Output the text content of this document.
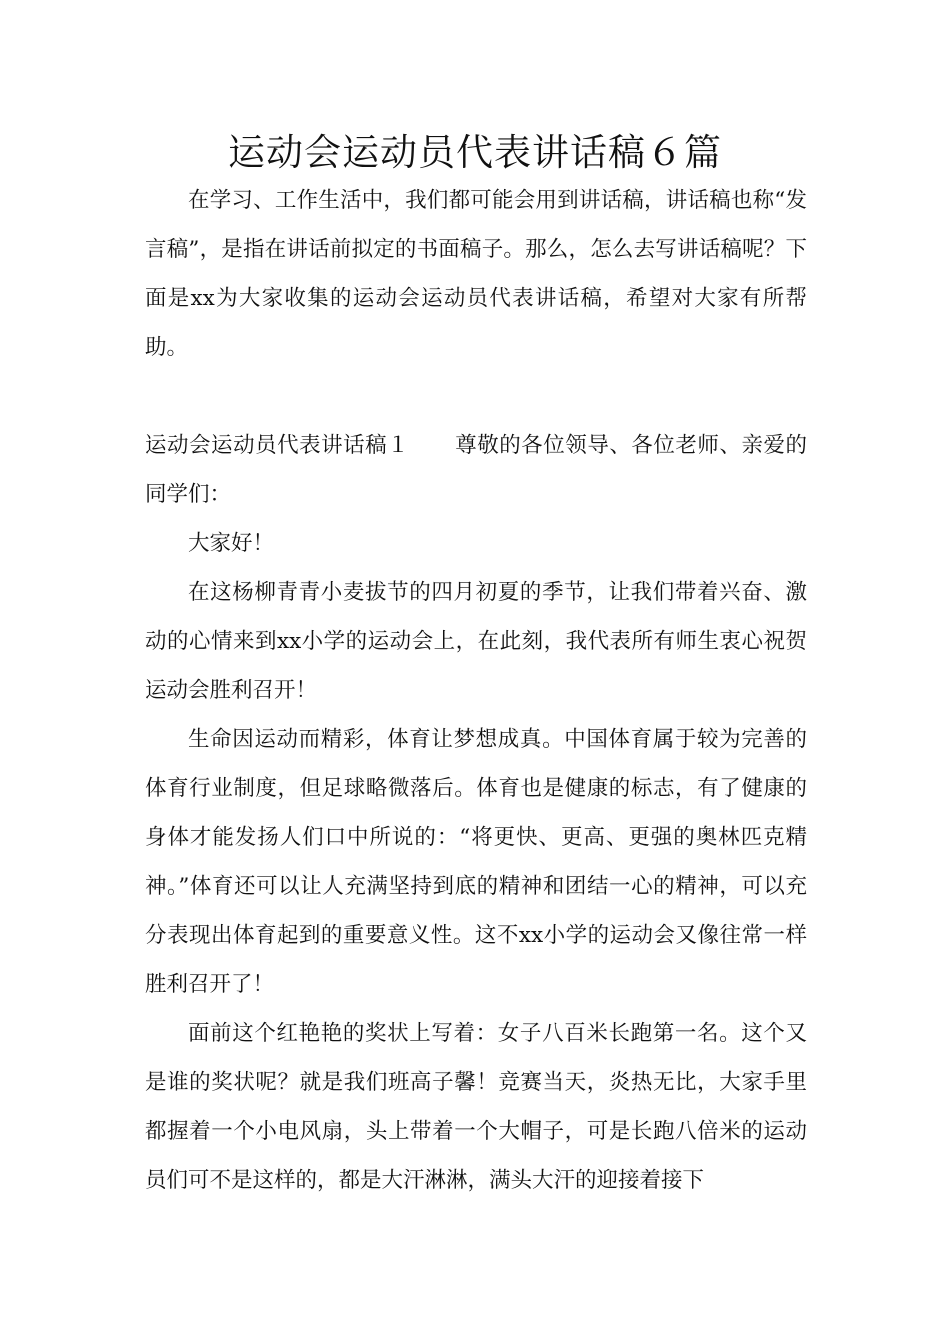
运动会运动员代表讲话稿６篇

在学习、工作生活中，我们都可能会用到讲话稿，讲话稿也称“发言稿”，是指在讲话前拟定的书面稿子。那么，怎么去写讲话稿呢？下面是xx为大家收集的运动会运动员代表讲话稿，希望对大家有所帮助。

运动会运动员代表讲话稿１ 尊敬的各位领导、各位老师、亲爱的同学们：

大家好！

在这杨柳青青小麦拔节的四月初夏的季节，让我们带着兴奋、激动的心情来到xx小学的运动会上，在此刻，我代表所有师生衷心祝贺运动会胜利召开！

生命因运动而精彩，体育让梦想成真。中国体育属于较为完善的体育行业制度，但足球略微落后。体育也是健康的标志，有了健康的身体才能发扬人们口中所说的：“将更快、更高、更强的奥林匹克精神。”体育还可以让人充满坚持到底的精神和团结一心的精神，可以充分表现出体育起到的重要意义性。这不xx小学的运动会又像往常一样胜利召开了！

面前这个红艳艳的奖状上写着：女子八百米长跑第一名。这个又是谁的奖状呢？就是我们班高子馨！竞赛当天，炎热无比，大家手里都握着一个小电风扇，头上带着一个大帽子，可是长跑八倍米的运动员们可不是这样的，都是大汗淋淋，满头大汗的迎接着接下
